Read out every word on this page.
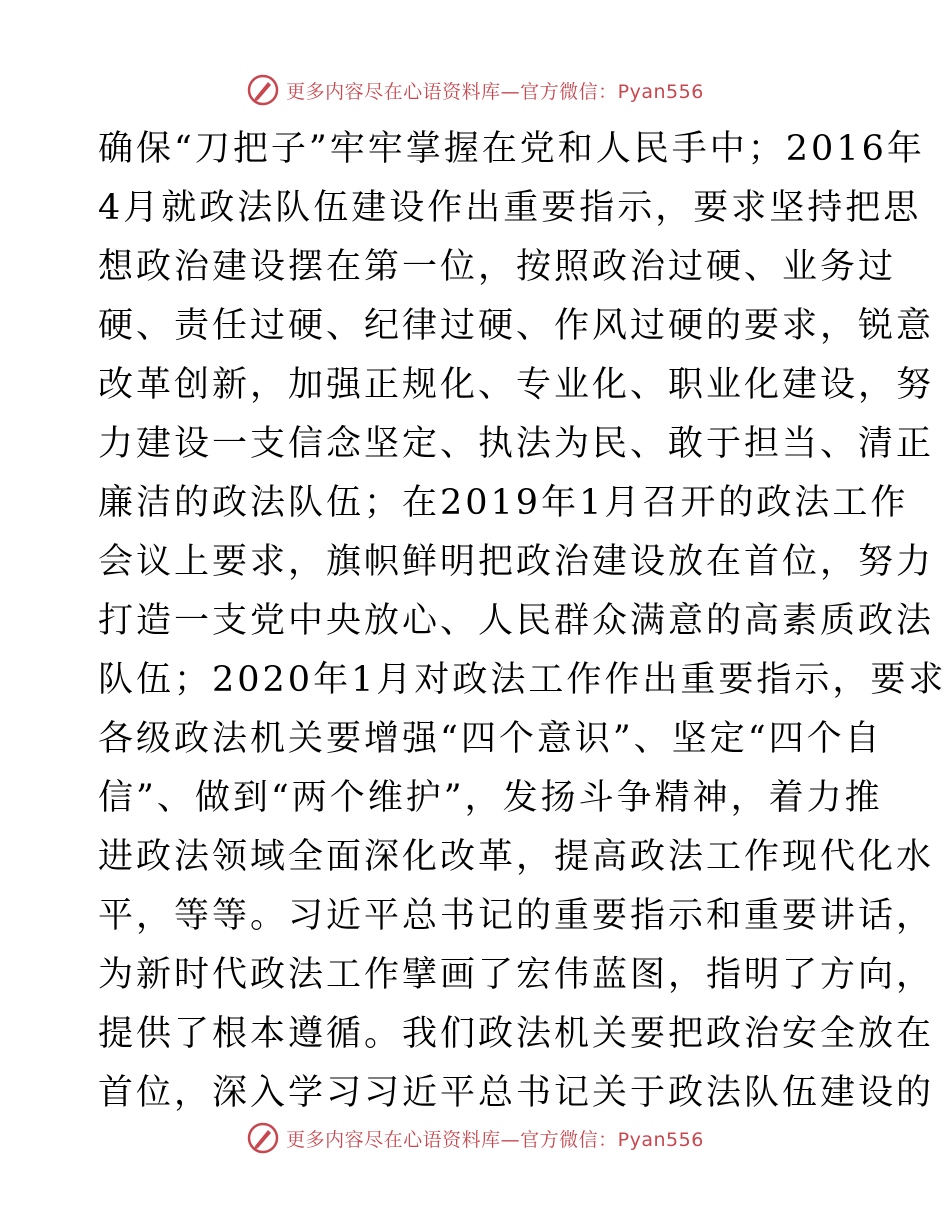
更多内容尽在心语资料库—官方微信：Pyan556
确保“刀把子”牢牢掌握在党和人民手中；2016年
4月就政法队伍建设作出重要指示，要求坚持把思
想政治建设摆在第一位，按照政治过硬、业务过
硬、责任过硬、纪律过硬、作风过硬的要求，锐意
改革创新，加强正规化、专业化、职业化建设，努
力建设一支信念坚定、执法为民、敢于担当、清正
廉洁的政法队伍；在2019年1月召开的政法工作
会议上要求，旗帜鲜明把政治建设放在首位，努力
打造一支党中央放心、人民群众满意的高素质政法
队伍；2020年1月对政法工作作出重要指示，要求
各级政法机关要增强“四个意识”、坚定“四个自
信”、做到“两个维护”，发扬斗争精神，着力推
进政法领域全面深化改革，提高政法工作现代化水
平，等等。习近平总书记的重要指示和重要讲话，
为新时代政法工作擘画了宏伟蓝图，指明了方向，
提供了根本遵循。我们政法机关要把政治安全放在
首位，深入学习习近平总书记关于政法队伍建设的
更多内容尽在心语资料库—官方微信：Pyan556
